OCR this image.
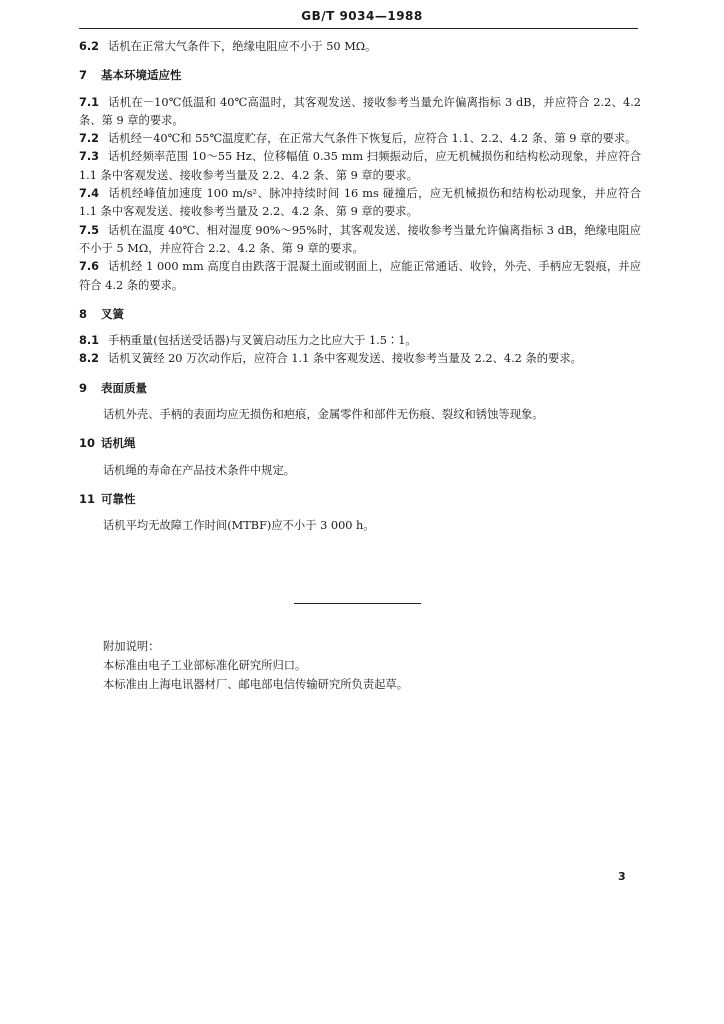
GB/T 9034—1988

6.2 话机在正常大气条件下，绝缘电阻应不小于 50 MΩ。

7 基本环境适应性

7.1 话机在－10℃低温和 40℃高温时，其客观发送、接收参考当量允许偏离指标 3 dB，并应符合 2.2、4.2 条、第 9 章的要求。

7.2 话机经－40℃和 55℃温度贮存，在正常大气条件下恢复后，应符合 1.1、2.2、4.2 条、第 9 章的要求。

7.3 话机经频率范围 10～55 Hz、位移幅值 0.35 mm 扫频振动后，应无机械损伤和结构松动现象，并应符合 1.1 条中客观发送、接收参考当量及 2.2、4.2 条、第 9 章的要求。

7.4 话机经峰值加速度 100 m/s²、脉冲持续时间 16 ms 碰撞后，应无机械损伤和结构松动现象，并应符合 1.1 条中客观发送、接收参考当量及 2.2、4.2 条、第 9 章的要求。

7.5 话机在温度 40℃、相对湿度 90%～95%时，其客观发送、接收参考当量允许偏离指标 3 dB，绝缘电阻应不小于 5 MΩ，并应符合 2.2、4.2 条、第 9 章的要求。

7.6 话机经 1 000 mm 高度自由跌落于混凝土面或钢面上，应能正常通话、收铃，外壳、手柄应无裂痕，并应符合 4.2 条的要求。

8 叉簧

8.1 手柄重量(包括送受话器)与叉簧启动压力之比应大于 1.5∶1。

8.2 话机叉簧经 20 万次动作后，应符合 1.1 条中客观发送、接收参考当量及 2.2、4.2 条的要求。

9 表面质量

话机外壳、手柄的表面均应无损伤和疤痕，金属零件和部件无伤痕、裂纹和锈蚀等现象。

10 话机绳

话机绳的寿命在产品技术条件中规定。

11 可靠性

话机平均无故障工作时间(MTBF)应不小于 3 000 h。

附加说明：
本标准由电子工业部标准化研究所归口。
本标准由上海电讯器材厂、邮电部电信传输研究所负责起草。
3
